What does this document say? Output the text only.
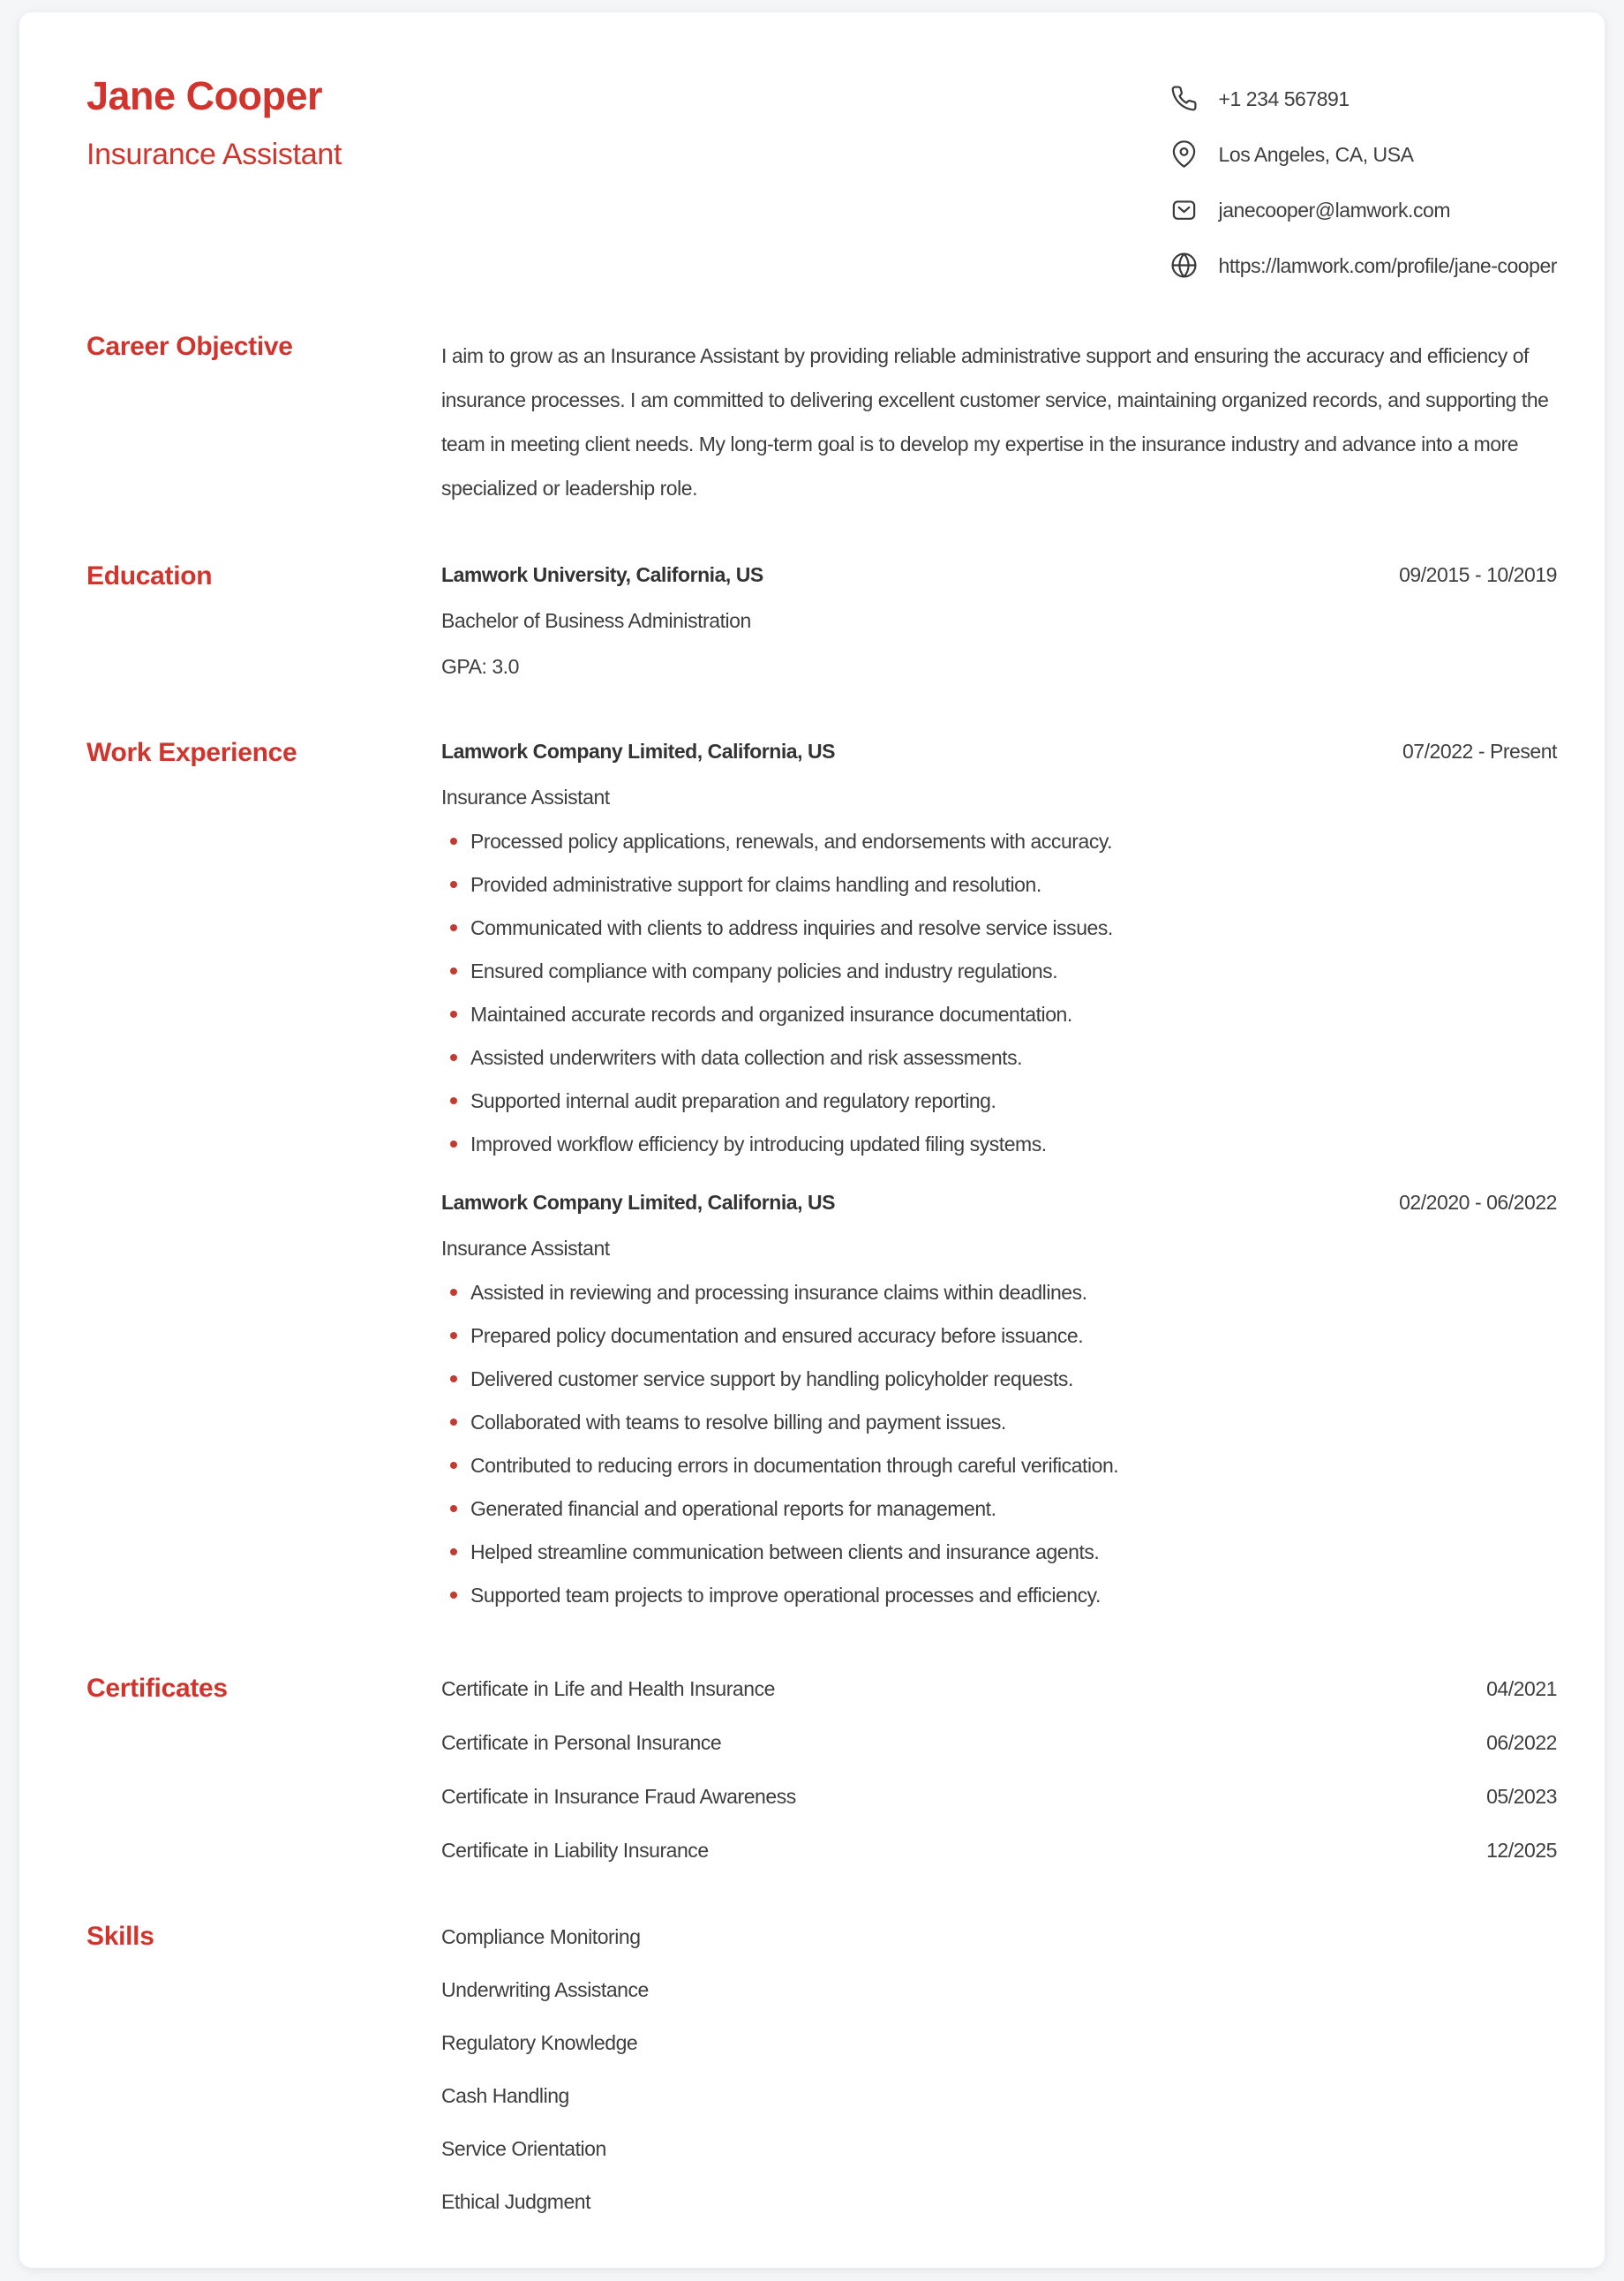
Jane Cooper
Insurance Assistant
+1 234 567891
Los Angeles, CA, USA
janecooper@lamwork.com
https://lamwork.com/profile/jane-cooper
Career Objective	I aim to grow as an Insurance Assistant by providing reliable administrative support and ensuring the accuracy and efficiency of insurance processes. I am committed to delivering excellent customer service, maintaining organized records, and supporting the team in meeting client needs. My long-term goal is to develop my expertise in the insurance industry and advance into a more specialized or leadership role.

Education	Lamwork University, California, US	09/2015 - 10/2019
Bachelor of Business Administration
GPA: 3.0
Work Experience	Lamwork Company Limited, California, US	07/2022 - Present
Insurance Assistant
Processed policy applications, renewals, and endorsements with accuracy.
Provided administrative support for claims handling and resolution.
Communicated with clients to address inquiries and resolve service issues.
Ensured compliance with company policies and industry regulations.
Maintained accurate records and organized insurance documentation.
Assisted underwriters with data collection and risk assessments.
Supported internal audit preparation and regulatory reporting.
Improved workflow efficiency by introducing updated filing systems.
Lamwork Company Limited, California, US	02/2020 - 06/2022
Insurance Assistant
Assisted in reviewing and processing insurance claims within deadlines.
Prepared policy documentation and ensured accuracy before issuance.
Delivered customer service support by handling policyholder requests.
Collaborated with teams to resolve billing and payment issues.
Contributed to reducing errors in documentation through careful verification.
Generated financial and operational reports for management.
Helped streamline communication between clients and insurance agents.
Supported team projects to improve operational processes and efficiency.
Certificates	Certificate in Life and Health Insurance	04/2021
Certificate in Personal Insurance	06/2022
Certificate in Insurance Fraud Awareness	05/2023
Certificate in Liability Insurance	12/2025
Skills	Compliance Monitoring
Underwriting Assistance
Regulatory Knowledge
Cash Handling
Service Orientation
Ethical Judgment
